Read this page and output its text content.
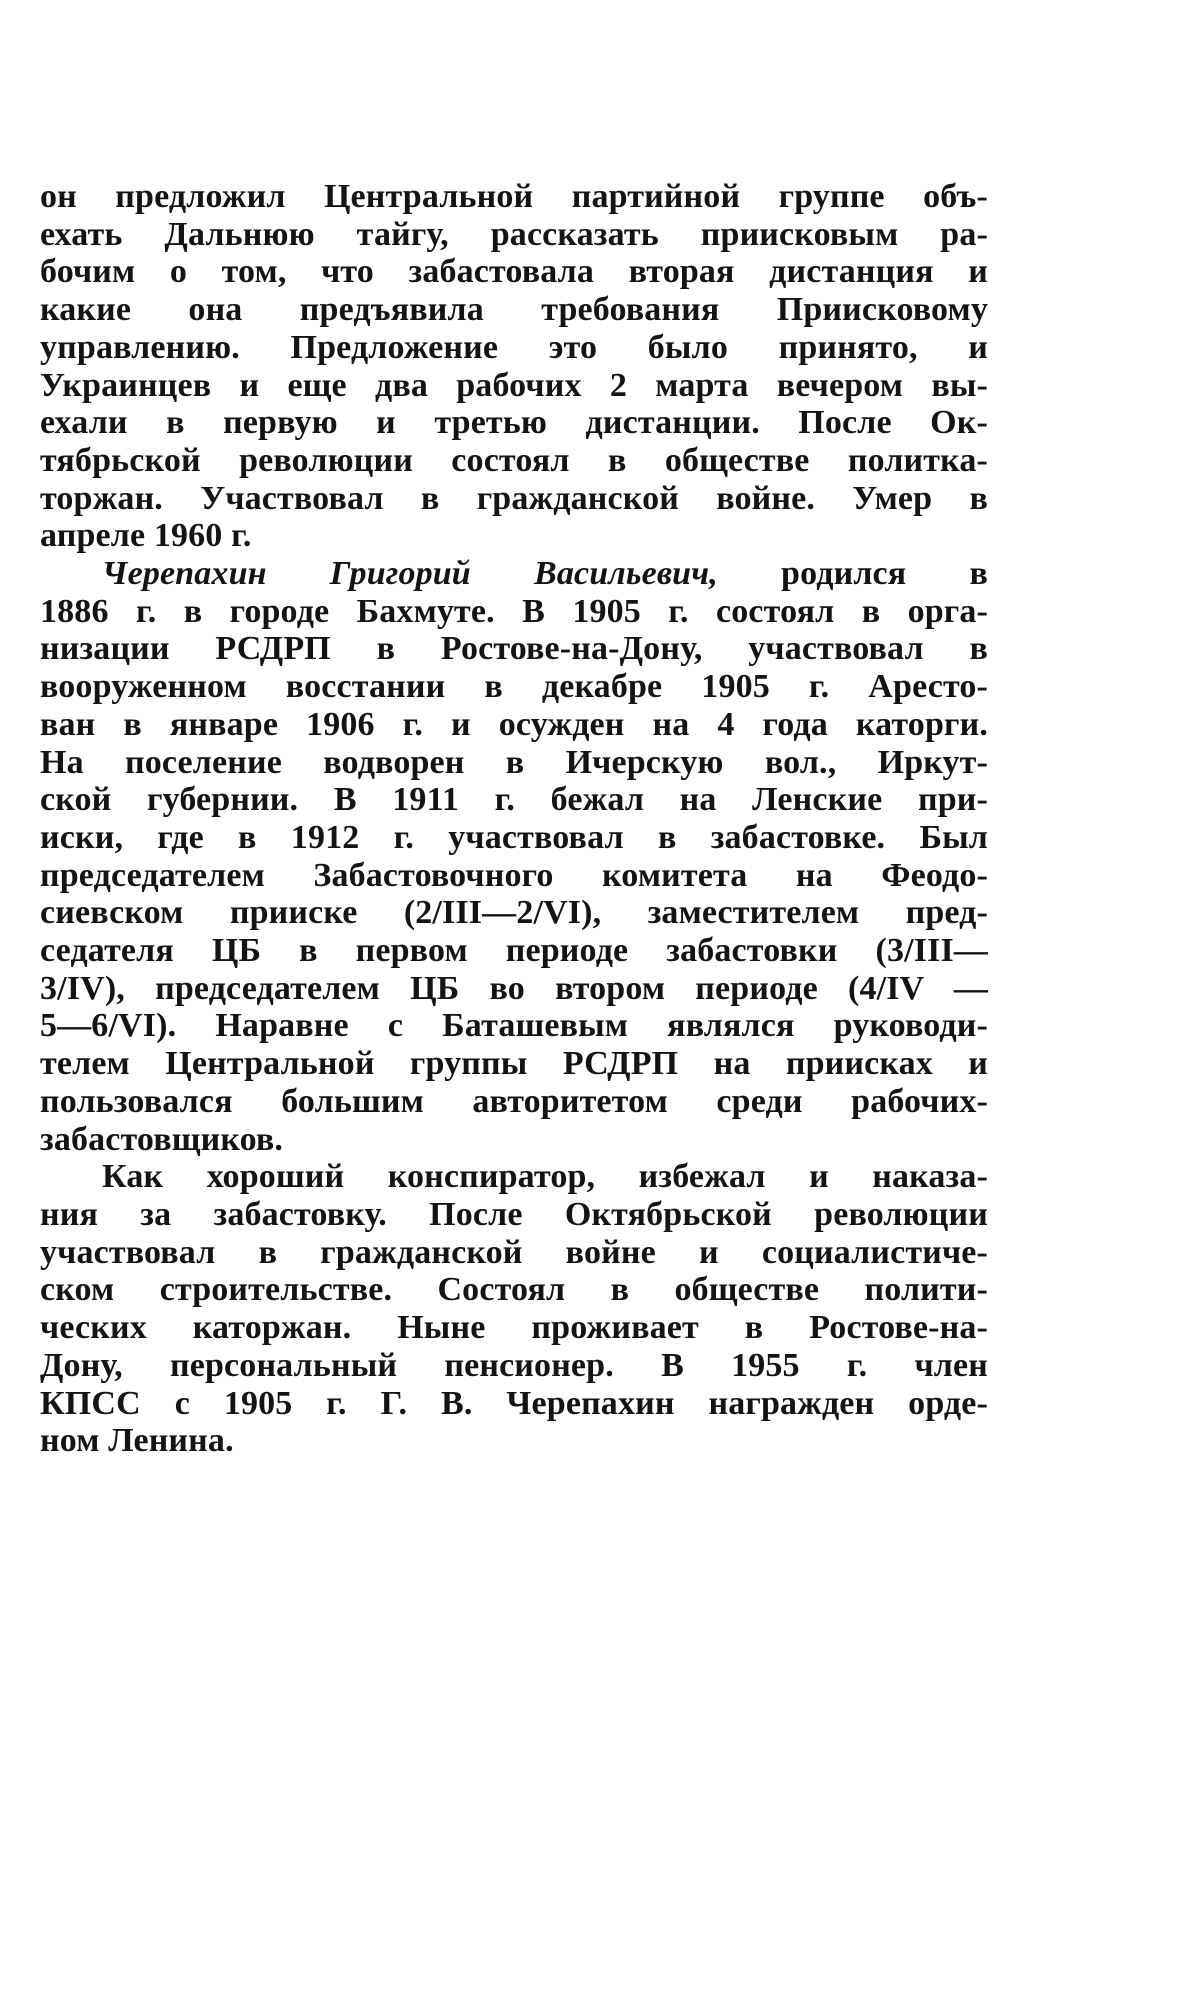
он предложил Центральной партийной группе объ-
ехать Дальнюю тайгу, рассказать приисковым ра-
бочим о том, что забастовала вторая дистанция и
какие она предъявила требования Приисковому
управлению. Предложение это было принято, и
Украинцев и еще два рабочих 2 марта вечером вы-
ехали в первую и третью дистанции. После Ок-
тябрьской революции состоял в обществе политка-
торжан. Участвовал в гражданской войне. Умер в
апреле 1960 г.

Черепахин Григорий Васильевич, родился в
1886 г. в городе Бахмуте. В 1905 г. состоял в орга-
низации РСДРП в Ростове-на-Дону, участвовал в
вооруженном восстании в декабре 1905 г. Аресто-
ван в январе 1906 г. и осужден на 4 года каторги.
На поселение водворен в Ичерскую вол., Иркут-
ской губернии. В 1911 г. бежал на Ленские при-
иски, где в 1912 г. участвовал в забастовке. Был
председателем Забастовочного комитета на Феодо-
сиевском прииске (2/III—2/VI), заместителем пред-
седателя ЦБ в первом периоде забастовки (3/III—
3/IV), председателем ЦБ во втором периоде (4/IV —
5—6/VI). Наравне с Баташевым являлся руководи-
телем Центральной группы РСДРП на приисках и
пользовался большим авторитетом среди рабочих-
забастовщиков.

Как хороший конспиратор, избежал и наказа-
ния за забастовку. После Октябрьской революции
участвовал в гражданской войне и социалистиче-
ском строительстве. Состоял в обществе полити-
ческих каторжан. Ныне проживает в Ростове-на-
Дону, персональный пенсионер. В 1955 г. член
КПСС с 1905 г. Г. В. Черепахин награжден орде-
ном Ленина.
